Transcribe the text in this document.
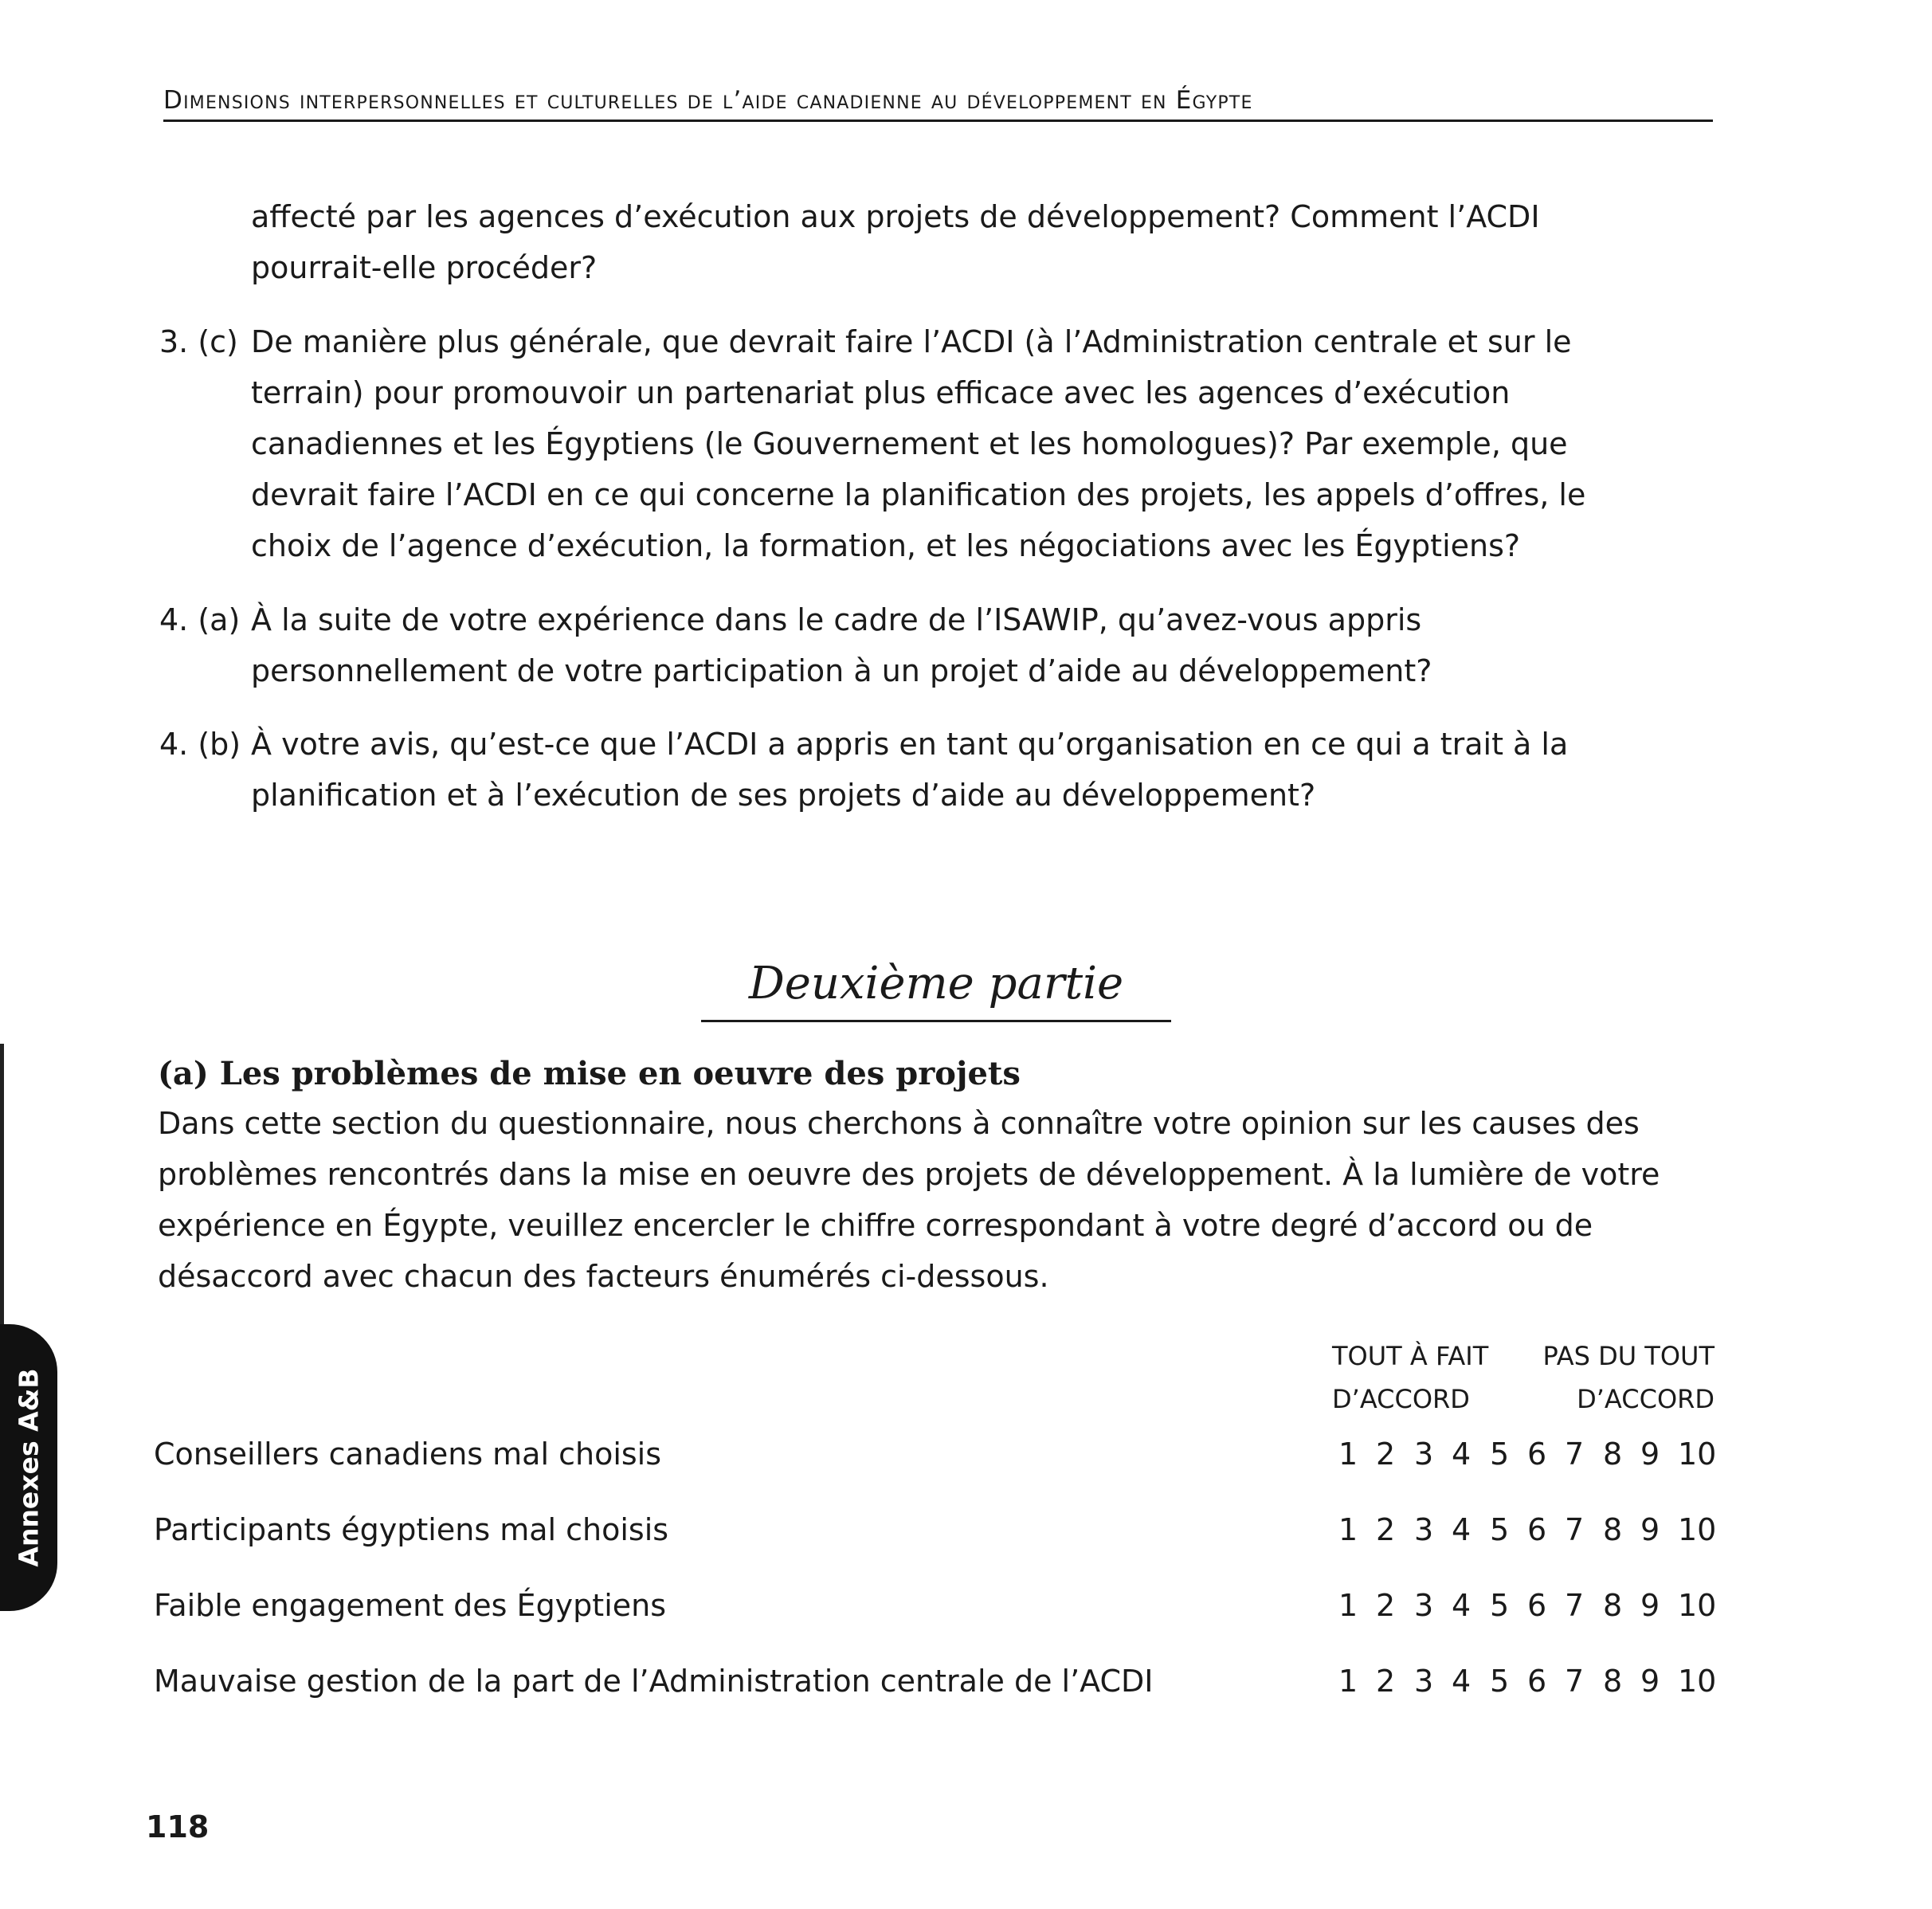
Dimensions interpersonnelles et culturelles de l’aide canadienne au développement en Égypte
affecté par les agences d’exécution aux projets de développement? Comment l’ACDI
pourrait-elle procéder?
3. (c) De manière plus générale, que devrait faire l’ACDI (à l’Administration centrale et sur le
terrain) pour promouvoir un partenariat plus efficace avec les agences d’exécution
canadiennes et les Égyptiens (le Gouvernement et les homologues)? Par exemple, que
devrait faire l’ACDI en ce qui concerne la planification des projets, les appels d’offres, le
choix de l’agence d’exécution, la formation, et les négociations avec les Égyptiens?
4. (a) À la suite de votre expérience dans le cadre de l’ISAWIP, qu’avez-vous appris
personnellement de votre participation à un projet d’aide au développement?
4. (b) À votre avis, qu’est-ce que l’ACDI a appris en tant qu’organisation en ce qui a trait à la
planification et à l’exécution de ses projets d’aide au développement?
Deuxième partie
(a) Les problèmes de mise en oeuvre des projets
Dans cette section du questionnaire, nous cherchons à connaître votre opinion sur les causes des
problèmes rencontrés dans la mise en oeuvre des projets de développement. À la lumière de votre
expérience en Égypte, veuillez encercler le chiffre correspondant à votre degré d’accord ou de
désaccord avec chacun des facteurs énumérés ci-dessous.
TOUT À FAIT
D’ACCORD
PAS DU TOUT
D’ACCORD
Conseillers canadiens mal choisis	1 2 3 4 5 6 7 8 9 10
Participants égyptiens mal choisis	1 2 3 4 5 6 7 8 9 10
Faible engagement des Égyptiens	1 2 3 4 5 6 7 8 9 10
Mauvaise gestion de la part de l’Administration centrale de l’ACDI	1 2 3 4 5 6 7 8 9 10
Annexes A&B
118
